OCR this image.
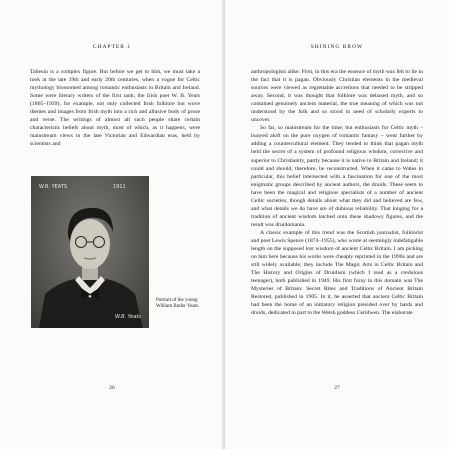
CHAPTER 1

Taliesin is a complex figure. But before we get to him, we must take a look at the late 19th and early 20th centuries, when a vogue for Celtic mythology blossomed among romantic enthusiasts in Britain and Ireland. Some were literary writers of the first rank; the Irish poet W. B. Yeats (1865–1939), for example, not only collected Irish folklore but wove themes and images from Irish myth into a rich and allusive body of prose and verse. The writings of almost all such people share certain characteristic beliefs about myth, most of which, as it happens, were mainstream views in the late Victorian and Edwardian eras, held by scientists and

W.B. YEATS	1911
W.B. Yeats

Portrait of the young William Butler Yeats.

26
SHINING BROW

anthropologists alike. First, in this era the essence of myth was felt to lie in the fact that it is pagan. Obviously Christian elements in the medieval sources were viewed as regrettable accretions that needed to be stripped away. Second, it was thought that folklore was debased myth, and so contained genuinely ancient material, the true meaning of which was not understood by the folk and so stood in need of scholarly experts to uncover.

So far, so mainstream for the time; but enthusiasts for Celtic myth – buoyed aloft on the pure oxygen of romantic fantasy – went further by adding a countercultural element. They tended to think that pagan myth held the secret of a system of profound religious wisdom, corrective and superior to Christianity, partly because it is native to Britain and Ireland; it could and should, therefore, be reconstructed. When it came to Wales in particular, this belief intersected with a fascination for one of the most enigmatic groups described by ancient authors, the druids. These seem to have been the magical and religious specialists of a number of ancient Celtic societies, though details about what they did and believed are few, and what details we do have are of dubious reliability. That longing for a tradition of ancient wisdom latched onto these shadowy figures, and the result was druidomania.

A classic example of this trend was the Scottish journalist, folklorist and poet Lewis Spence (1874–1955), who wrote at seemingly indefatigable length on the supposed lost wisdom of ancient Celtic Britain. I am picking on him here because his works were cheaply reprinted in the 1990s and are still widely available; they include The Magic Arts in Celtic Britain and The History and Origins of Druidism (which I read as a credulous teenager), both published in 1949. His first foray in this domain was The Mysteries of Britain: Secret Rites and Traditions of Ancient Britain Restored, published in 1905. In it, he asserted that ancient Celtic Britain had been the home of an initiatory religion presided over by bards and druids, dedicated in part to the Welsh goddess Ceridwen. The elaborate

27
